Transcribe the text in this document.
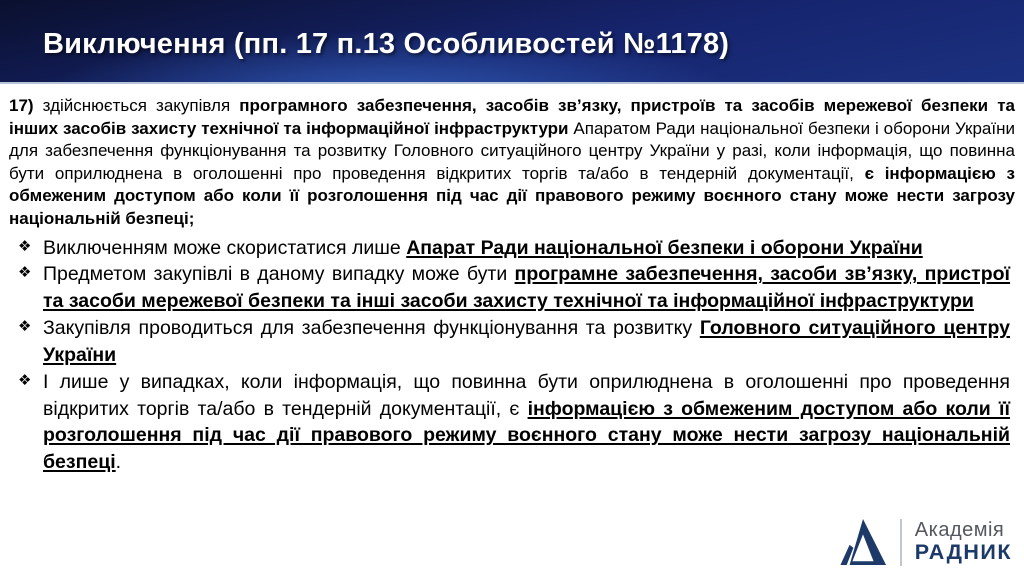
Виключення (пп. 17 п.13 Особливостей №1178)

17) здійснюється закупівля програмного забезпечення, засобів зв’язку, пристроїв та засобів мережевої безпеки та інших засобів захисту технічної та інформаційної інфраструктури Апаратом Ради національної безпеки і оборони України для забезпечення функціонування та розвитку Головного ситуаційного центру України у разі, коли інформація, що повинна бути оприлюднена в оголошенні про проведення відкритих торгів та/або в тендерній документації, є інформацією з обмеженим доступом або коли її розголошення під час дії правового режиму воєнного стану може нести загрозу національній безпеці;

❖ Виключенням може скористатися лише Апарат Ради національної безпеки і оборони України
❖ Предметом закупівлі в даному випадку може бути програмне забезпечення, засоби зв’язку, пристрої та засоби мережевої безпеки та інші засоби захисту технічної та інформаційної інфраструктури
❖ Закупівля проводиться для забезпечення функціонування та розвитку Головного ситуаційного центру України
❖ І лише у випадках, коли інформація, що повинна бути оприлюднена в оголошенні про проведення відкритих торгів та/або в тендерній документації, є інформацією з обмеженим доступом або коли її розголошення під час дії правового режиму воєнного стану може нести загрозу національній безпеці.
Академія
РАДНИК
